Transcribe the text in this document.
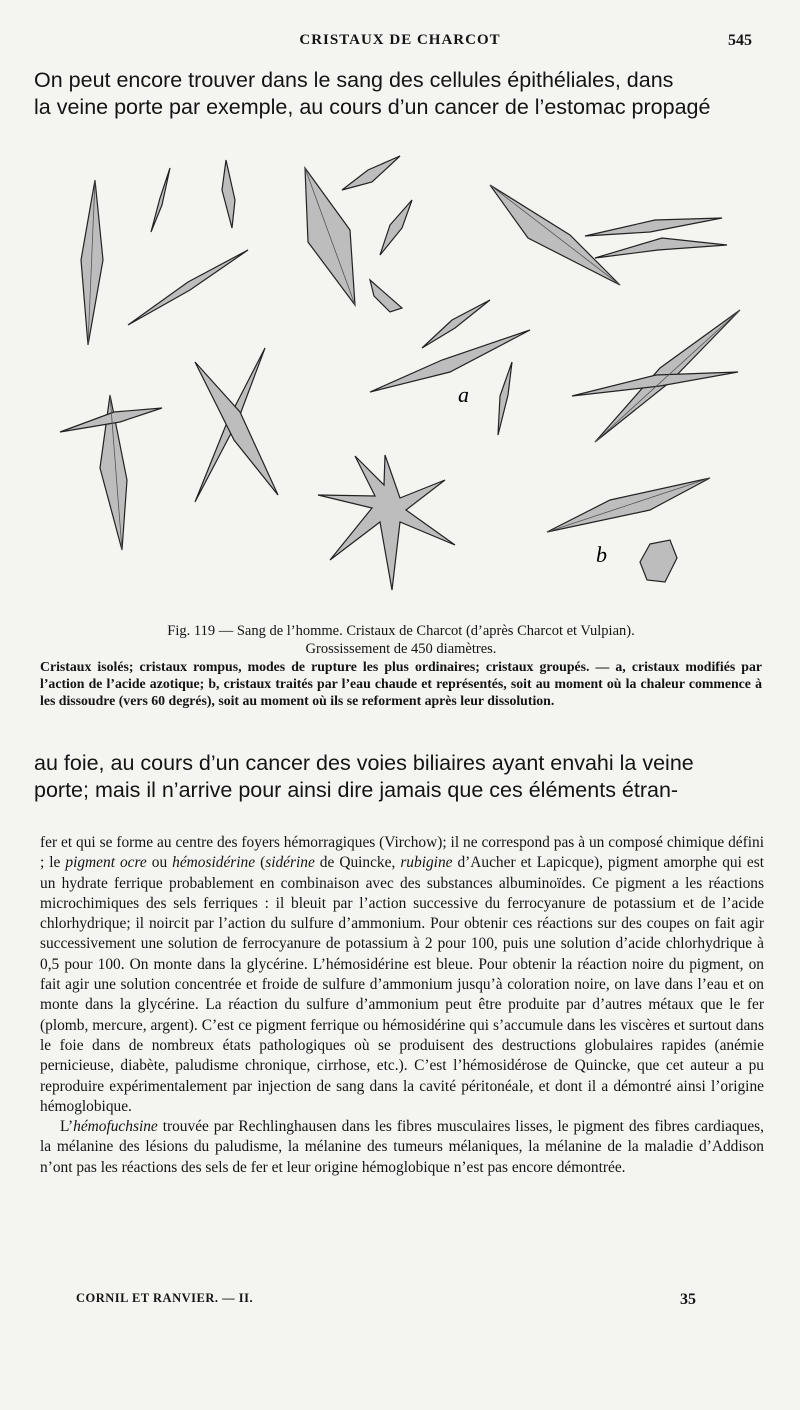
CRISTAUX DE CHARCOT	545
On peut encore trouver dans le sang des cellules épithéliales, dans
la veine porte par exemple, au cours d’un cancer de l’estomac propagé
a
b
Fig. 119 — Sang de l’homme. Cristaux de Charcot (d’après Charcot et Vulpian).
Grossissement de 450 diamètres.
Cristaux isolés; cristaux rompus, modes de rupture les plus ordinaires; cristaux groupés. — a, cristaux modifiés par l’action de l’acide azotique; b, cristaux traités par l’eau chaude et représentés, soit au moment où la chaleur commence à les dissoudre (vers 60 degrés), soit au moment où ils se reforment après leur dissolution.
au foie, au cours d’un cancer des voies biliaires ayant envahi la veine
porte; mais il n’arrive pour ainsi dire jamais que ces éléments étran-

fer et qui se forme au centre des foyers hémorragiques (Virchow); il ne correspond pas à un composé chimique défini ; le pigment ocre ou hémosidérine (sidérine de Quincke, rubigine d’Aucher et Lapicque), pigment amorphe qui est un hydrate ferrique probablement en combinaison avec des substances albuminoïdes. Ce pigment a les réactions microchimiques des sels ferriques : il bleuit par l’action successive du ferrocyanure de potassium et de l’acide chlorhydrique; il noircit par l’action du sulfure d’ammonium. Pour obtenir ces réactions sur des coupes on fait agir successivement une solution de ferrocyanure de potassium à 2 pour 100, puis une solution d’acide chlorhydrique à 0,5 pour 100. On monte dans la glycérine. L’hémosidérine est bleue. Pour obtenir la réaction noire du pigment, on fait agir une solution concentrée et froide de sulfure d’ammonium jusqu’à coloration noire, on lave dans l’eau et on monte dans la glycérine. La réaction du sulfure d’ammonium peut être produite par d’autres métaux que le fer (plomb, mercure, argent). C’est ce pigment ferrique ou hémosidérine qui s’accumule dans les viscères et surtout dans le foie dans de nombreux états pathologiques où se produisent des destructions globulaires rapides (anémie pernicieuse, diabète, paludisme chronique, cirrhose, etc.). C’est l’hémosidérose de Quincke, que cet auteur a pu reproduire expérimentalement par injection de sang dans la cavité péritonéale, et dont il a démontré ainsi l’origine hémoglobique.

L’hémofuchsine trouvée par Rechlinghausen dans les fibres musculaires lisses, le pigment des fibres cardiaques, la mélanine des lésions du paludisme, la mélanine des tumeurs mélaniques, la mélanine de la maladie d’Addison n’ont pas les réactions des sels de fer et leur origine hémoglobique n’est pas encore démontrée.

CORNIL ET RANVIER. — II.	35
